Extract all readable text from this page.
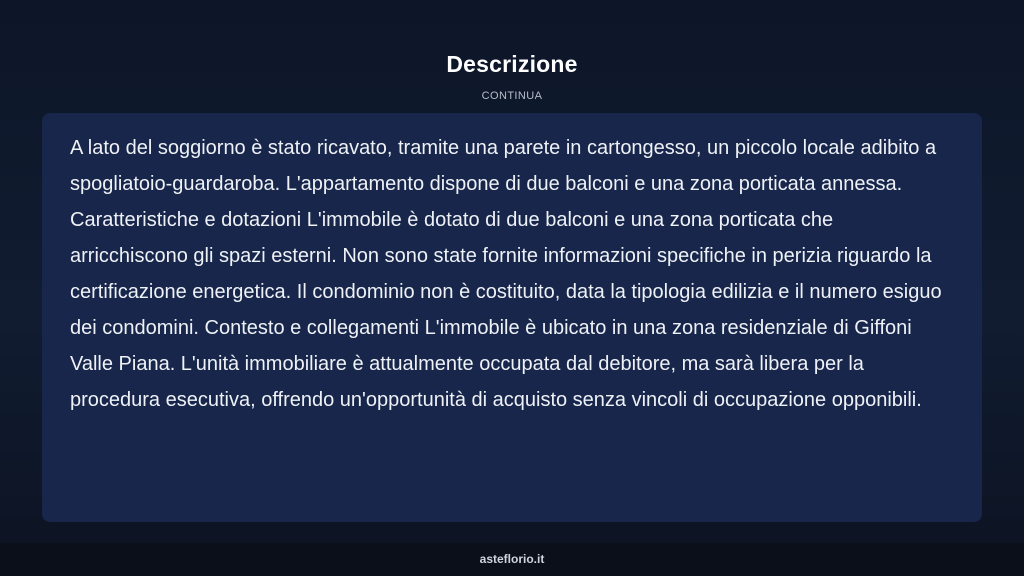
Descrizione
CONTINUA

A lato del soggiorno è stato ricavato, tramite una parete in cartongesso, un piccolo locale adibito a spogliatoio-guardaroba. L'appartamento dispone di due balconi e una zona porticata annessa. Caratteristiche e dotazioni L'immobile è dotato di due balconi e una zona porticata che arricchiscono gli spazi esterni. Non sono state fornite informazioni specifiche in perizia riguardo la certificazione energetica. Il condominio non è costituito, data la tipologia edilizia e il numero esiguo dei condomini. Contesto e collegamenti L'immobile è ubicato in una zona residenziale di Giffoni Valle Piana. L'unità immobiliare è attualmente occupata dal debitore, ma sarà libera per la procedura esecutiva, offrendo un'opportunità di acquisto senza vincoli di occupazione opponibili.

asteflorio.it
